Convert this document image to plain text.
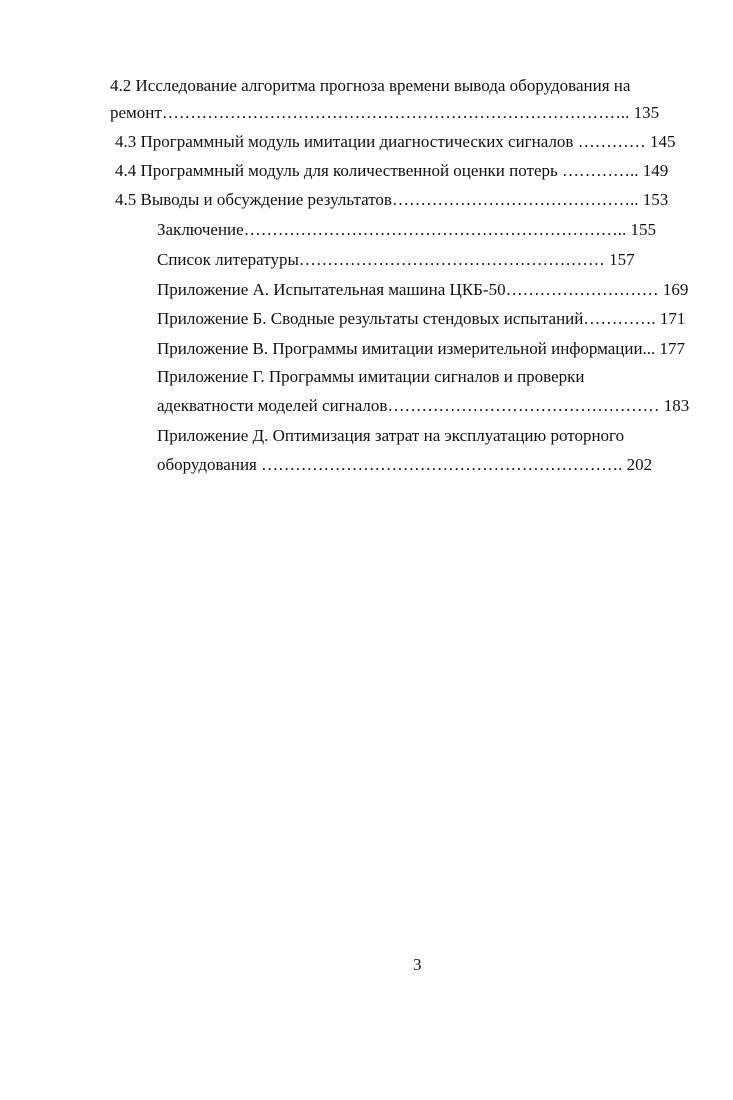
4.2 Исследование алгоритма прогноза времени вывода оборудования на
ремонт……………………………………………………………………….. 135
4.3 Программный модуль имитации диагностических сигналов ………… 145
4.4 Программный модуль для количественной оценки потерь ………….. 149
4.5 Выводы и обсуждение результатов…………………………………….. 153
Заключение………………………………………………………….. 155
Список литературы……………………………………………… 157
Приложение А. Испытательная машина ЦКБ-50……………………… 169
Приложение Б. Сводные результаты стендовых испытаний…………. 171
Приложение В. Программы имитации измерительной информации... 177
Приложение Г. Программы имитации сигналов и проверки
адекватности моделей сигналов………………………………………… 183
Приложение Д. Оптимизация затрат на эксплуатацию роторного
оборудования ………………………………………………………. 202
3
